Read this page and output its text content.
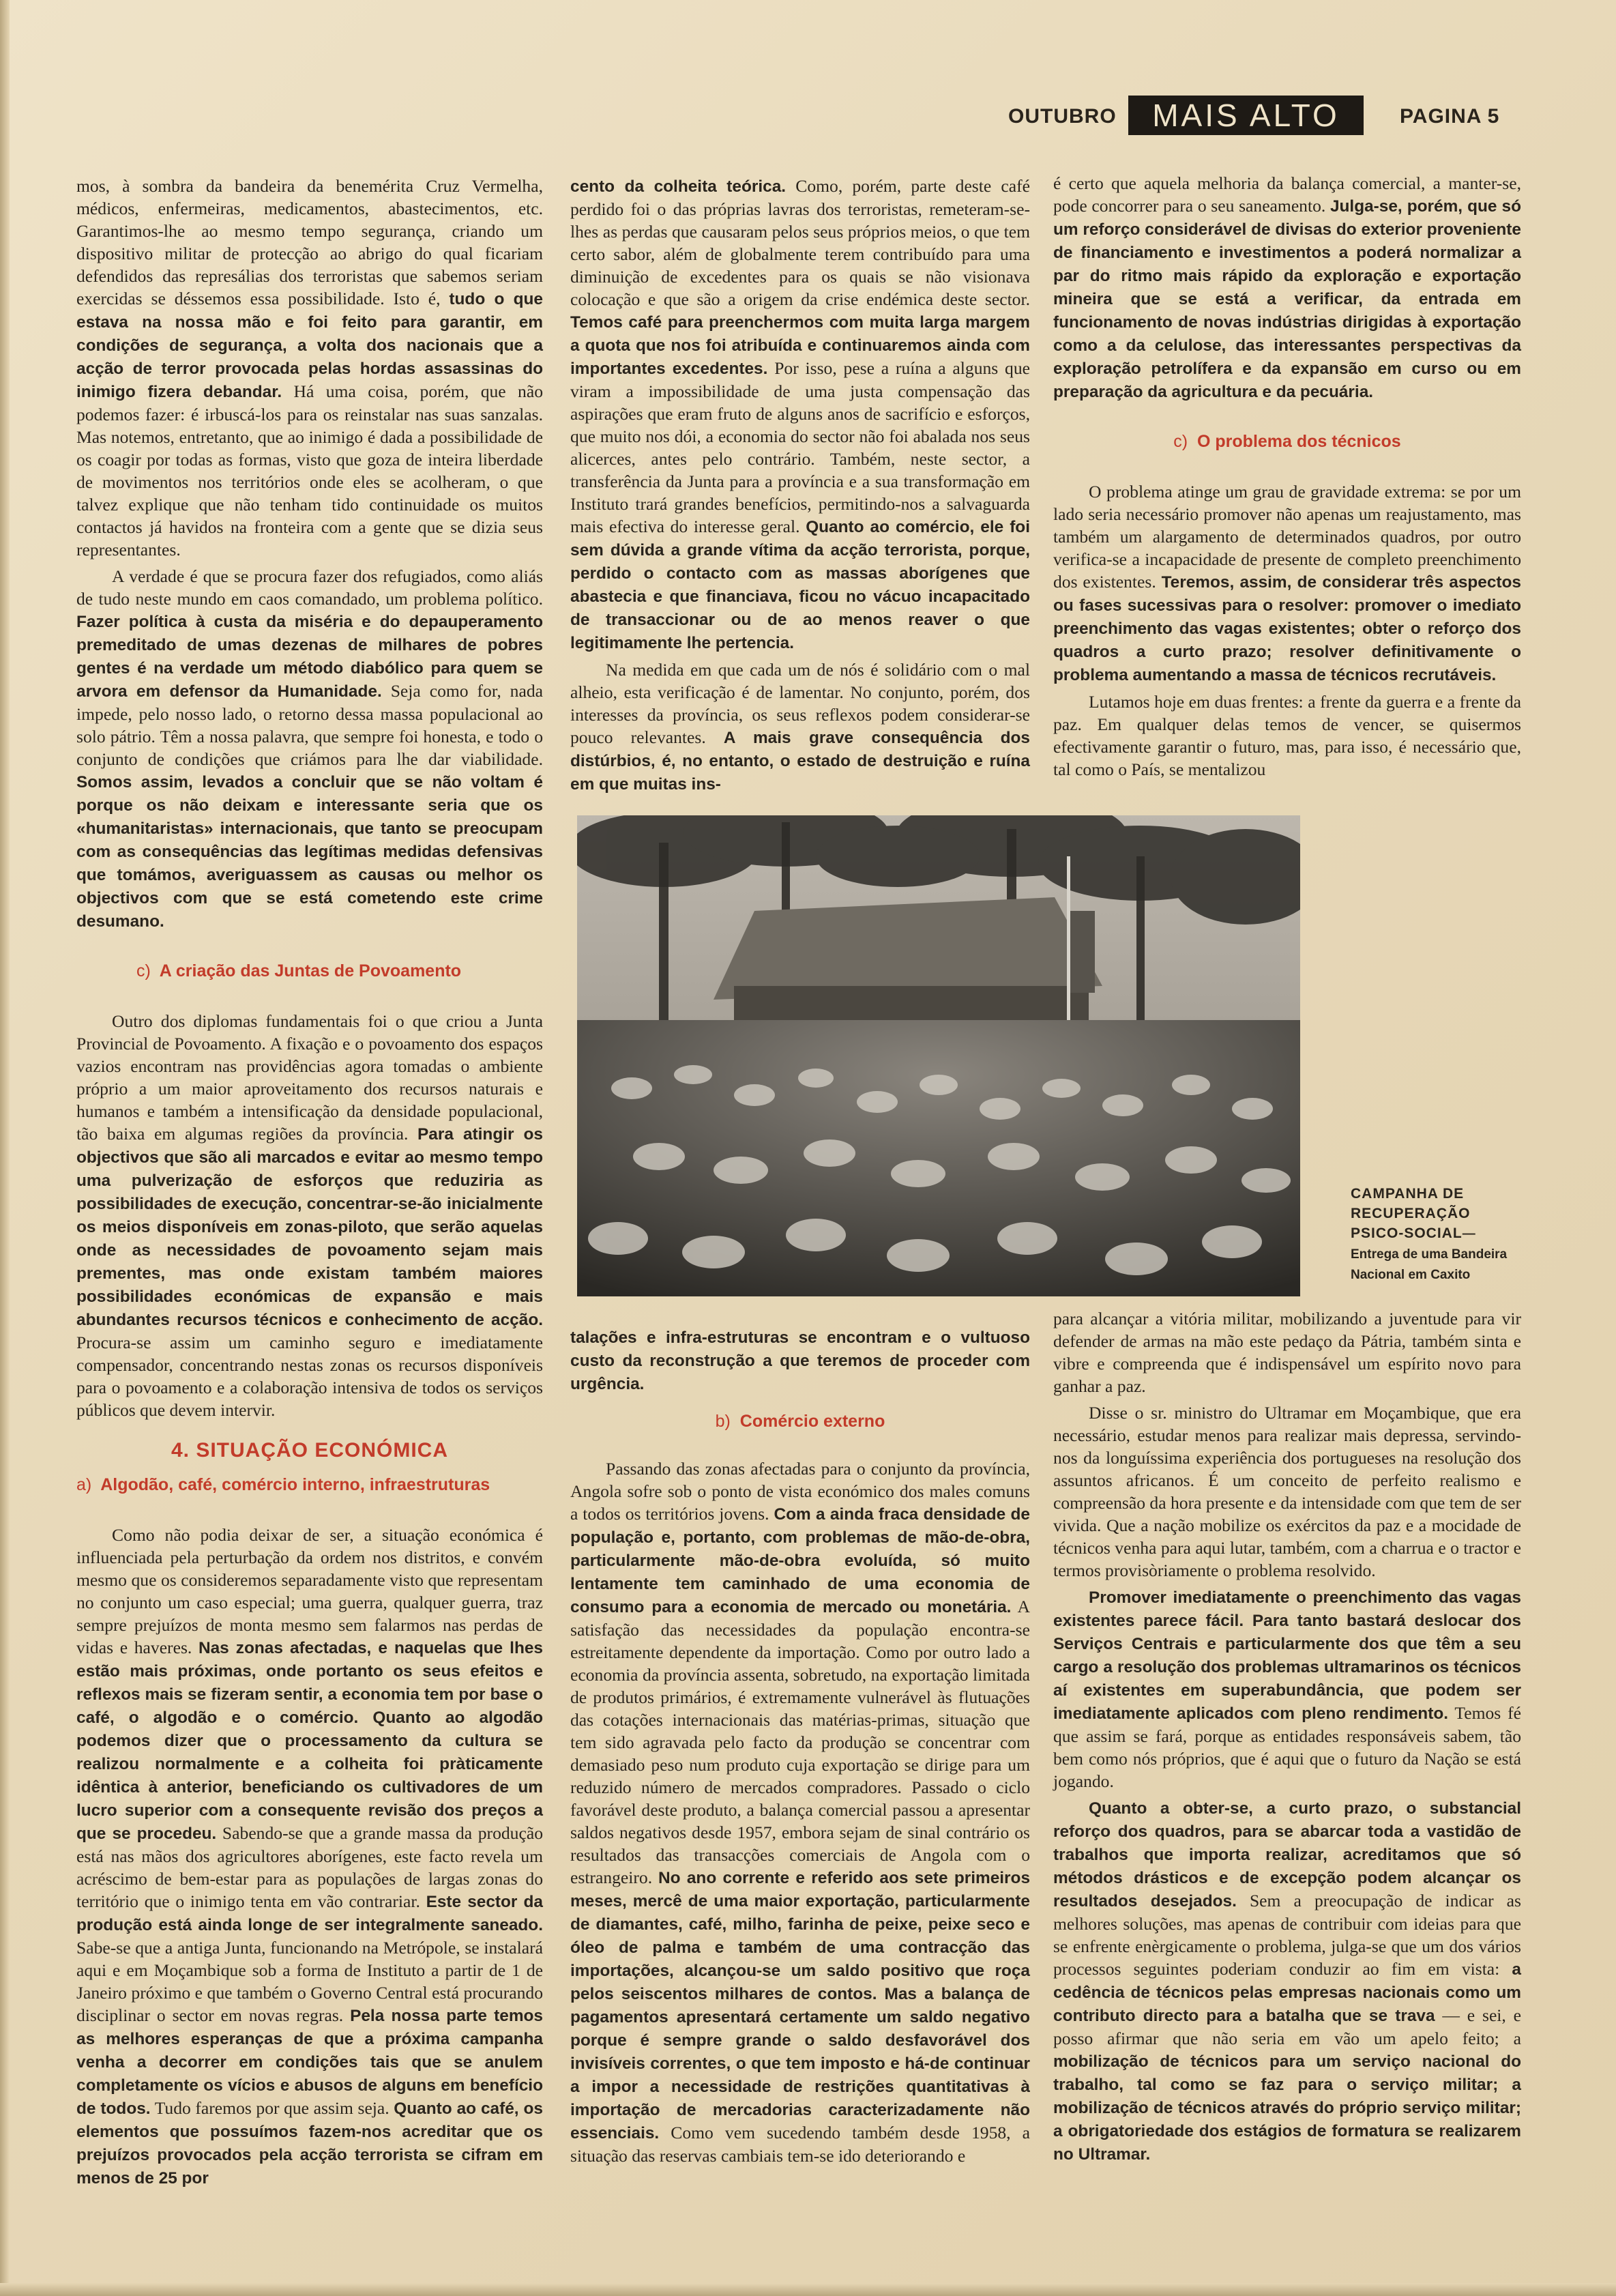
OUTUBRO	MAIS ALTO	PAGINA 5

mos, à sombra da bandeira da benemérita Cruz Vermelha, médicos, enfermeiras, medicamentos, abastecimentos, etc. Garantimos-lhe ao mesmo tempo segurança, criando um dispositivo militar de protecção ao abrigo do qual ficariam defendidos das represálias dos terroristas que sabemos seriam exercidas se déssemos essa possibilidade. Isto é, tudo o que estava na nossa mão e foi feito para garantir, em condições de segurança, a volta dos nacionais que a acção de terror provocada pelas hordas assassinas do inimigo fizera debandar. Há uma coisa, porém, que não podemos fazer: é irbuscá-los para os reinstalar nas suas sanzalas. Mas notemos, entretanto, que ao inimigo é dada a possibilidade de os coagir por todas as formas, visto que goza de inteira liberdade de movimentos nos territórios onde eles se acolheram, o que talvez explique que não tenham tido continuidade os muitos contactos já havidos na fronteira com a gente que se dizia seus representantes.

A verdade é que se procura fazer dos refugiados, como aliás de tudo neste mundo em caos comandado, um problema político. Fazer política à custa da miséria e do depauperamento premeditado de umas dezenas de milhares de pobres gentes é na verdade um método diabólico para quem se arvora em defensor da Humanidade. Seja como for, nada impede, pelo nosso lado, o retorno dessa massa populacional ao solo pátrio. Têm a nossa palavra, que sempre foi honesta, e todo o conjunto de condições que criámos para lhe dar viabilidade. Somos assim, levados a concluir que se não voltam é porque os não deixam e interessante seria que os «humanitaristas» internacionais, que tanto se preocupam com as consequências das legítimas medidas defensivas que tomámos, averiguassem as causas ou melhor os objectivos com que se está cometendo este crime desumano.

c) A criação das Juntas de Povoamento

Outro dos diplomas fundamentais foi o que criou a Junta Provincial de Povoamento. A fixação e o povoamento dos espaços vazios encontram nas providências agora tomadas o ambiente próprio a um maior aproveitamento dos recursos naturais e humanos e também a intensificação da densidade populacional, tão baixa em algumas regiões da província. Para atingir os objectivos que são ali marcados e evitar ao mesmo tempo uma pulverização de esforços que reduziria as possibilidades de execução, concentrar-se-ão inicialmente os meios disponíveis em zonas-piloto, que serão aquelas onde as necessidades de povoamento sejam mais prementes, mas onde existam também maiores possibilidades económicas de expansão e mais abundantes recursos técnicos e conhecimento de acção. Procura-se assim um caminho seguro e imediatamente compensador, concentrando nestas zonas os recursos disponíveis para o povoamento e a colaboração intensiva de todos os serviços públicos que devem intervir.

4. SITUAÇÃO ECONÓMICA
a) Algodão, café, comércio interno, infraestruturas

Como não podia deixar de ser, a situação económica é influenciada pela perturbação da ordem nos distritos, e convém mesmo que os consideremos separadamente visto que representam no conjunto um caso especial; uma guerra, qualquer guerra, traz sempre prejuízos de monta mesmo sem falarmos nas perdas de vidas e haveres. Nas zonas afectadas, e naquelas que lhes estão mais próximas, onde portanto os seus efeitos e reflexos mais se fizeram sentir, a economia tem por base o café, o algodão e o comércio. Quanto ao algodão podemos dizer que o processamento da cultura se realizou normalmente e a colheita foi pràticamente idêntica à anterior, beneficiando os cultivadores de um lucro superior com a consequente revisão dos preços a que se procedeu. Sabendo-se que a grande massa da produção está nas mãos dos agricultores aborígenes, este facto revela um acréscimo de bem-estar para as populações de largas zonas do território que o inimigo tenta em vão contrariar. Este sector da produção está ainda longe de ser integralmente saneado. Sabe-se que a antiga Junta, funcionando na Metrópole, se instalará aqui e em Moçambique sob a forma de Instituto a partir de 1 de Janeiro próximo e que também o Governo Central está procurando disciplinar o sector em novas regras. Pela nossa parte temos as melhores esperanças de que a próxima campanha venha a decorrer em condições tais que se anulem completamente os vícios e abusos de alguns em benefício de todos. Tudo faremos por que assim seja. Quanto ao café, os elementos que possuímos fazem-nos acreditar que os prejuízos provocados pela acção terrorista se cifram em menos de 25 por

cento da colheita teórica. Como, porém, parte deste café perdido foi o das próprias lavras dos terroristas, remeteram-se-lhes as perdas que causaram pelos seus próprios meios, o que tem certo sabor, além de globalmente terem contribuído para uma diminuição de excedentes para os quais se não visionava colocação e que são a origem da crise endémica deste sector. Temos café para preenchermos com muita larga margem a quota que nos foi atribuída e continuaremos ainda com importantes excedentes. Por isso, pese a ruína a alguns que viram a impossibilidade de uma justa compensação das aspirações que eram fruto de alguns anos de sacrifício e esforços, que muito nos dói, a economia do sector não foi abalada nos seus alicerces, antes pelo contrário. Também, neste sector, a transferência da Junta para a província e a sua transformação em Instituto trará grandes benefícios, permitindo-nos a salvaguarda mais efectiva do interesse geral. Quanto ao comércio, ele foi sem dúvida a grande vítima da acção terrorista, porque, perdido o contacto com as massas aborígenes que abastecia e que financiava, ficou no vácuo incapacitado de transaccionar ou de ao menos reaver o que legitimamente lhe pertencia.

Na medida em que cada um de nós é solidário com o mal alheio, esta verificação é de lamentar. No conjunto, porém, dos interesses da província, os seus reflexos podem considerar-se pouco relevantes. A mais grave consequência dos distúrbios, é, no entanto, o estado de destruição e ruína em que muitas ins-

é certo que aquela melhoria da balança comercial, a manter-se, pode concorrer para o seu saneamento. Julga-se, porém, que só um reforço considerável de divisas do exterior proveniente de financiamento e investimentos a poderá normalizar a par do ritmo mais rápido da exploração e exportação mineira que se está a verificar, da entrada em funcionamento de novas indústrias dirigidas à exportação como a da celulose, das interessantes perspectivas da exploração petrolífera e da expansão em curso ou em preparação da agricultura e da pecuária.

c) O problema dos técnicos

O problema atinge um grau de gravidade extrema: se por um lado seria necessário promover não apenas um reajustamento, mas também um alargamento de determinados quadros, por outro verifica-se a incapacidade de presente de completo preenchimento dos existentes. Teremos, assim, de considerar três aspectos ou fases sucessivas para o resolver: promover o imediato preenchimento das vagas existentes; obter o reforço dos quadros a curto prazo; resolver definitivamente o problema aumentando a massa de técnicos recrutáveis.

Lutamos hoje em duas frentes: a frente da guerra e a frente da paz. Em qualquer delas temos de vencer, se quisermos efectivamente garantir o futuro, mas, para isso, é necessário que, tal como o País, se mentalizou

CAMPANHA DE RECUPERAÇÃO PSICO-SOCIAL— Entrega de uma Bandeira Nacional em Caxito

talações e infra-estruturas se encontram e o vultuoso custo da reconstrução a que teremos de proceder com urgência.

b) Comércio externo

Passando das zonas afectadas para o conjunto da província, Angola sofre sob o ponto de vista económico dos males comuns a todos os territórios jovens. Com a ainda fraca densidade de população e, portanto, com problemas de mão-de-obra, particularmente mão-de-obra evoluída, só muito lentamente tem caminhado de uma economia de consumo para a economia de mercado ou monetária. A satisfação das necessidades da população encontra-se estreitamente dependente da importação. Como por outro lado a economia da província assenta, sobretudo, na exportação limitada de produtos primários, é extremamente vulnerável às flutuações das cotações internacionais das matérias-primas, situação que tem sido agravada pelo facto da produção se concentrar com demasiado peso num produto cuja exportação se dirige para um reduzido número de mercados compradores. Passado o ciclo favorável deste produto, a balança comercial passou a apresentar saldos negativos desde 1957, embora sejam de sinal contrário os resultados das transacções comerciais de Angola com o estrangeiro. No ano corrente e referido aos sete primeiros meses, mercê de uma maior exportação, particularmente de diamantes, café, milho, farinha de peixe, peixe seco e óleo de palma e também de uma contracção das importações, alcançou-se um saldo positivo que roça pelos seiscentos milhares de contos. Mas a balança de pagamentos apresentará certamente um saldo negativo porque é sempre grande o saldo desfavorável dos invisíveis correntes, o que tem imposto e há-de continuar a impor a necessidade de restrições quantitativas à importação de mercadorias caracterizadamente não essenciais. Como vem sucedendo também desde 1958, a situação das reservas cambiais tem-se ido deteriorando e

para alcançar a vitória militar, mobilizando a juventude para vir defender de armas na mão este pedaço da Pátria, também sinta e vibre e compreenda que é indispensável um espírito novo para ganhar a paz.

Disse o sr. ministro do Ultramar em Moçambique, que era necessário, estudar menos para realizar mais depressa, servindo-nos da longuíssima experiência dos portugueses na resolução dos assuntos africanos. É um conceito de perfeito realismo e compreensão da hora presente e da intensidade com que tem de ser vivida. Que a nação mobilize os exércitos da paz e a mocidade de técnicos venha para aqui lutar, também, com a charrua e o tractor e termos provisòriamente o problema resolvido.

Promover imediatamente o preenchimento das vagas existentes parece fácil. Para tanto bastará deslocar dos Serviços Centrais e particularmente dos que têm a seu cargo a resolução dos problemas ultramarinos os técnicos aí existentes em superabundância, que podem ser imediatamente aplicados com pleno rendimento. Temos fé que assim se fará, porque as entidades responsáveis sabem, tão bem como nós próprios, que é aqui que o futuro da Nação se está jogando.

Quanto a obter-se, a curto prazo, o substancial reforço dos quadros, para se abarcar toda a vastidão de trabalhos que importa realizar, acreditamos que só métodos drásticos e de excepção podem alcançar os resultados desejados. Sem a preocupação de indicar as melhores soluções, mas apenas de contribuir com ideias para que se enfrente enèrgicamente o problema, julga-se que um dos vários processos seguintes poderiam conduzir ao fim em vista: a cedência de técnicos pelas empresas nacionais como um contributo directo para a batalha que se trava — e sei, e posso afirmar que não seria em vão um apelo feito; a mobilização de técnicos para um serviço nacional do trabalho, tal como se faz para o serviço militar; a mobilização de técnicos através do próprio serviço militar; a obrigatoriedade dos estágios de formatura se realizarem no Ultramar.
